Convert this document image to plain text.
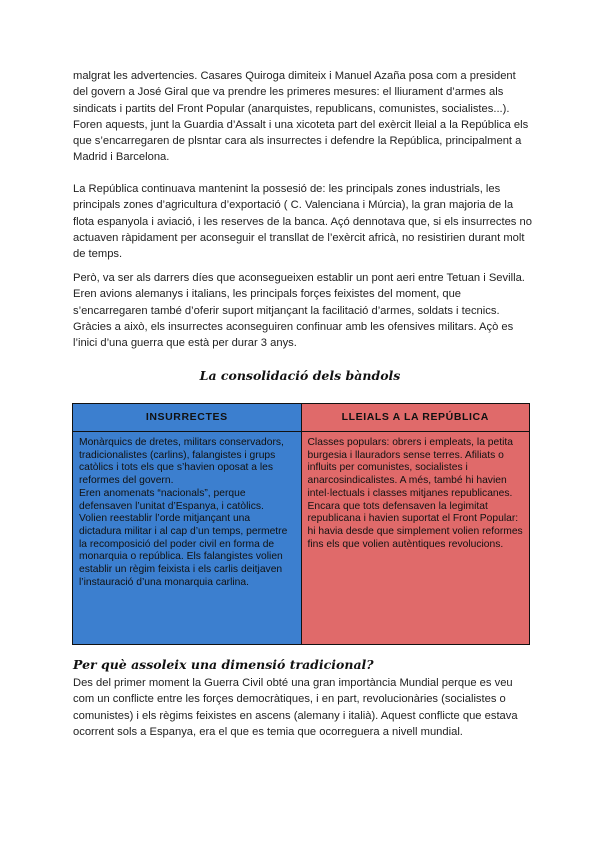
malgrat les advertencies. Casares Quiroga dimiteix i Manuel Azaña posa com a president del govern a José Giral que va prendre les primeres mesures: el lliurament d’armes als sindicats i partits del Front Popular (anarquistes, republicans, comunistes, socialistes...). Foren aquests, junt la Guardia d’Assalt i una xicoteta part del exèrcit lleial a la República els que s’encarregaren de plsntar cara als insurrectes i defendre la República, principalment a Madrid i Barcelona.

La República continuava mantenint la possesió de: les principals zones industrials, les principals zones d’agricultura d’exportació ( C. Valenciana i Múrcia), la gran majoria de la flota espanyola i aviació, i les reserves de la banca. Açó dennotava que, si els insurrectes no actuaven ràpidament per aconseguir el transllat de l’exèrcit africà, no resistirien durant molt de temps.

Però, va ser als darrers díes que aconsegueixen establir un pont aeri entre Tetuan i Sevilla. Eren avions alemanys i italians, les principals forçes feixistes del moment, que s’encarregaren també d’oferir suport mitjançant la facilitació d’armes, soldats i tecnics. Gràcies a això, els insurrectes aconseguiren confinuar amb les ofensives militars. Açò es l’inici d’una guerra que està per durar 3 anys.

La consolidació dels bàndols
INSURRECTES

Monàrquics de dretes, militars conservadors, tradicionalistes (carlins), falangistes i grups catòlics i tots els que s’havien oposat a les reformes del govern.

Eren anomenats “nacionals”, perque defensaven l’unitat d’Espanya, i catòlics.

Volien reestablir l’orde mitjançant una dictadura militar i al cap d’un temps, permetre la recomposició del poder civil en forma de monarquia o república. Els falangistes volien establir un règim feixista i els carlis deitjaven l’instauració d’una monarquia carlina.

LLEIALS A LA REPÚBLICA

Classes populars: obrers i empleats, la petita burgesia i llauradors sense terres. Afiliats o influits per comunistes, socialistes i anarcosindicalistes. A més, també hi havien intel·lectuals i classes mitjanes republicanes. Encara que tots defensaven la legimitat republicana i havien suportat el Front Popular: hi havia desde que simplement volien reformes fins els que volien autèntiques revolucions.

Per què assoleix una dimensió tradicional?

Des del primer moment la Guerra Civil obté una gran importància Mundial perque es veu com un conflicte entre les forçes democràtiques, i en part, revolucionàries (socialistes o comunistes) i els règims feixistes en ascens (alemany i italià). Aquest conflicte que estava ocorrent sols a Espanya, era el que es temia que ocorreguera a nivell mundial.
